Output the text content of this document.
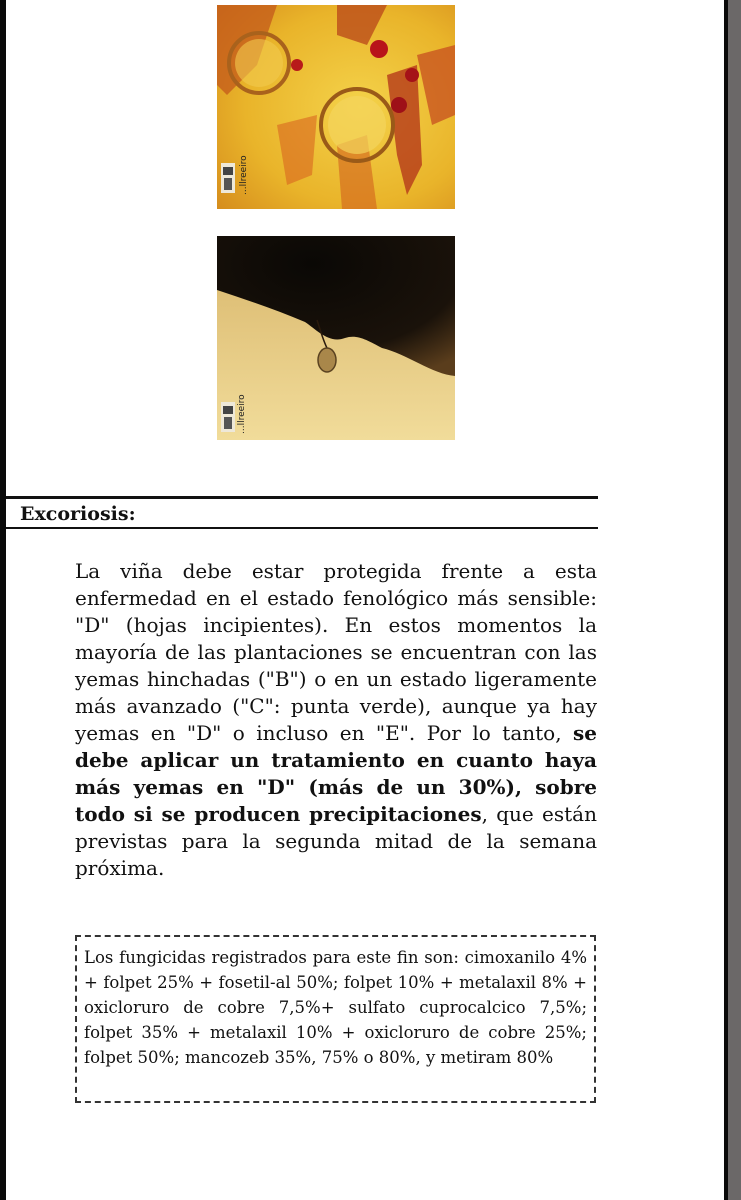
...llreeiro
...llreeiro
Excoriosis:

La viña debe estar protegida frente a esta enfermedad en el estado fenológico más sensible: "D" (hojas incipientes). En estos momentos la mayoría de las plantaciones se encuentran con las yemas hinchadas ("B") o en un estado ligeramente más avanzado ("C": punta verde), aunque ya hay yemas en "D" o incluso en "E". Por lo tanto, se debe aplicar un tratamiento en cuanto haya más yemas en "D" (más de un 30%), sobre todo si se producen precipitaciones, que están previstas para la segunda mitad de la semana próxima.

Los fungicidas registrados para este fin son: cimoxanilo 4% + folpet 25% + fosetil-al 50%; folpet 10% + metalaxil 8% + oxicloruro de cobre 7,5%+ sulfato cuprocalcico 7,5%; folpet 35% + metalaxil 10% + oxicloruro de cobre 25%; folpet 50%; mancozeb 35%, 75% o 80%, y metiram 80%
